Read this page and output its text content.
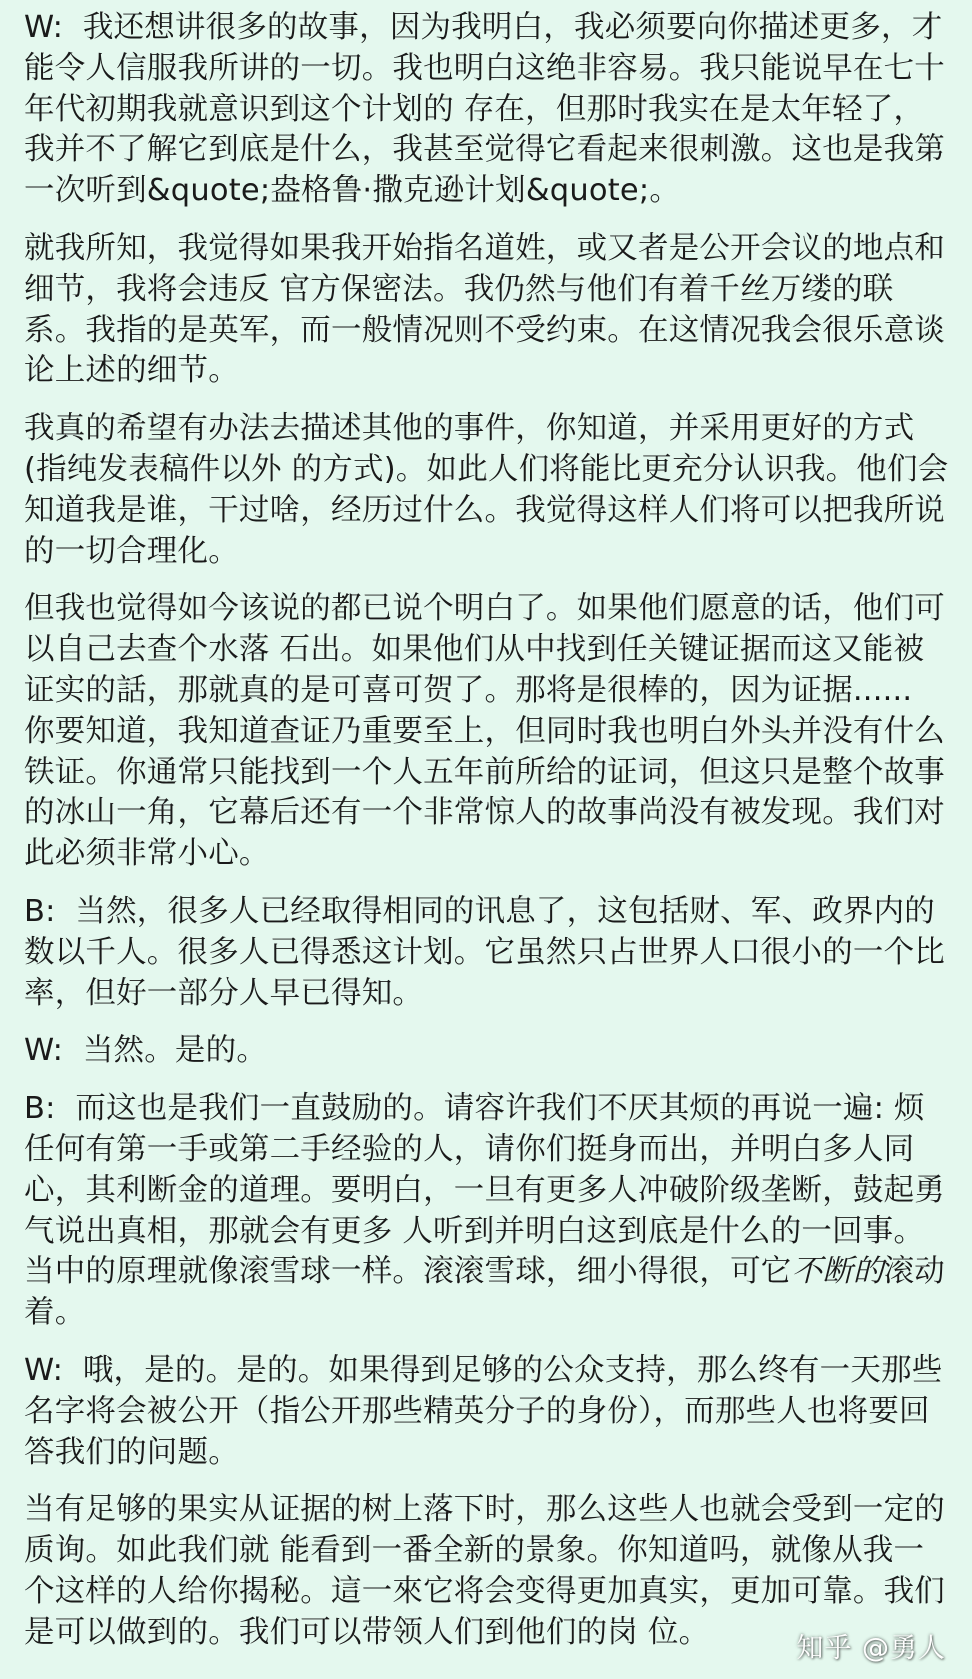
W:  我还想讲很多的故事，因为我明白，我必须要向你描述更多，才能令人信服我所讲的一切。我也明白这绝非容易。我只能说早在七十年代初期我就意识到这个计划的 存在，但那时我实在是太年轻了，我并不了解它到底是什么，我甚至觉得它看起来很刺激。这也是我第一次听到&quote;盎格鲁·撒克逊计划&quote;。

就我所知，我觉得如果我开始指名道姓，或又者是公开会议的地点和细节，我将会违反 官方保密法。我仍然与他们有着千丝万缕的联系。我指的是英军，而一般情况则不受约束。在这情况我会很乐意谈论上述的细节。

我真的希望有办法去描述其他的事件，你知道，并采用更好的方式(指纯发表稿件以外 的方式)。如此人们将能比更充分认识我。他们会知道我是谁，干过啥，经历过什么。我觉得这样人们将可以把我所说的一切合理化。

但我也觉得如今该说的都已说个明白了。如果他们愿意的话，他们可以自己去查个水落 石出。如果他们从中找到任关键证据而这又能被证实的話，那就真的是可喜可贺了。那将是很棒的，因为证据...... 你要知道，我知道查证乃重要至上，但同时我也明白外头并没有什么铁证。你通常只能找到一个人五年前所给的证词，但这只是整个故事的冰山一角，它幕后还有一个非常惊人的故事尚没有被发现。我们对此必须非常小心。

B:  当然，很多人已经取得相同的讯息了，这包括财、军、政界内的数以千人。很多人已得悉这计划。它虽然只占世界人口很小的一个比率，但好一部分人早已得知。

W:  当然。是的。

B:  而这也是我们一直鼓励的。请容许我们不厌其烦的再说一遍: 烦任何有第一手或第二手经验的人，请你们挺身而出，并明白多人同心，其利断金的道理。要明白，一旦有更多人冲破阶级垄断，鼓起勇气说出真相，那就会有更多 人听到并明白这到底是什么的一回事。当中的原理就像滚雪球一样。滚滚雪球，细小得很，可它不断的滚动着。

W:  哦，是的。是的。如果得到足够的公众支持，那么终有一天那些名字将会被公开（指公开那些精英分子的身份），而那些人也将要回答我们的问题。

当有足够的果实从证据的树上落下时，那么这些人也就会受到一定的质询。如此我们就 能看到一番全新的景象。你知道吗，就像从我一个这样的人给你揭秘。這一來它将会变得更加真实，更加可靠。我们是可以做到的。我们可以带领人们到他们的岗 位。	知乎 @勇人
